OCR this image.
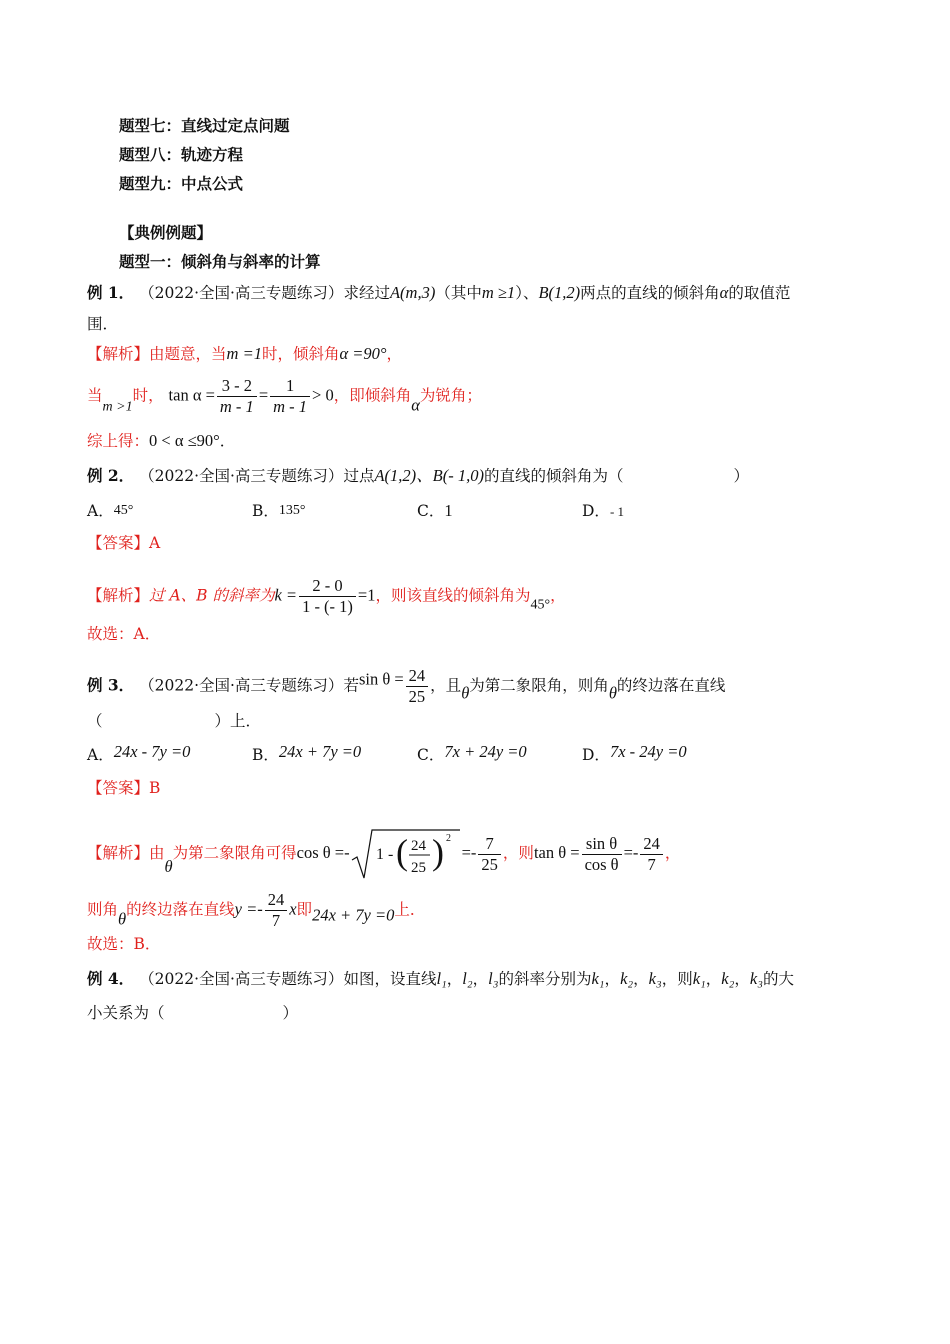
题型七：直线过定点问题
题型八：轨迹方程
题型九：中点公式
【典例例题】
题型一：倾斜角与斜率的计算
例 1． （2022·全国·高三专题练习）求经过A(m,3)（其中m ≥1）、B(1,2)两点的直线的倾斜角α的取值范
围．
【解析】由题意，当m =1时，倾斜角α =90°，
当m >1时， $\tan \alpha = \frac{3 - 2}{m - 1} = \frac{1}{m - 1} > 0$，即倾斜角α为锐角；
综上得：0 < α ≤90°．
例 2． （2022·全国·高三专题练习）过点A(1,2)、B(- 1,0)的直线的倾斜角为（	）
A．45°	B．135°	C．1	D．- 1
【答案】A
【解析】过 A、B 的斜率为$k = \frac{2 - 0}{1 - (- 1)} =1$，则该直线的倾斜角为45°，
故选：A．
例 3． （2022·全国·高三专题练习）若$\sin \theta = \frac{24}{25}$ ，且θ为第二象限角，则角θ的终边落在直线
（	）上．
A．24x - 7y =0	B．24x + 7y =0	C．7x + 24y =0	D．7x - 24y =0
【答案】B
【解析】由θ为第二象限角可得cos θ =- 1 - ( 24
25 ) 2
=- $\frac{7}{25}$ ，则$\tan \theta = \frac{\text{sin θ}}{\text{cos θ}} =- \frac{24}{7}$ ，
则角θ的终边落在直线$y =- \frac{24}{7}$ x即24x + 7y =0上．
故选：B．
例 4． （2022·全国·高三专题练习）如图，设直线l₁，l₂，l₃的斜率分别为k₁，k₂，k₃，则k₁，k₂，k₃的大
小关系为（	）
